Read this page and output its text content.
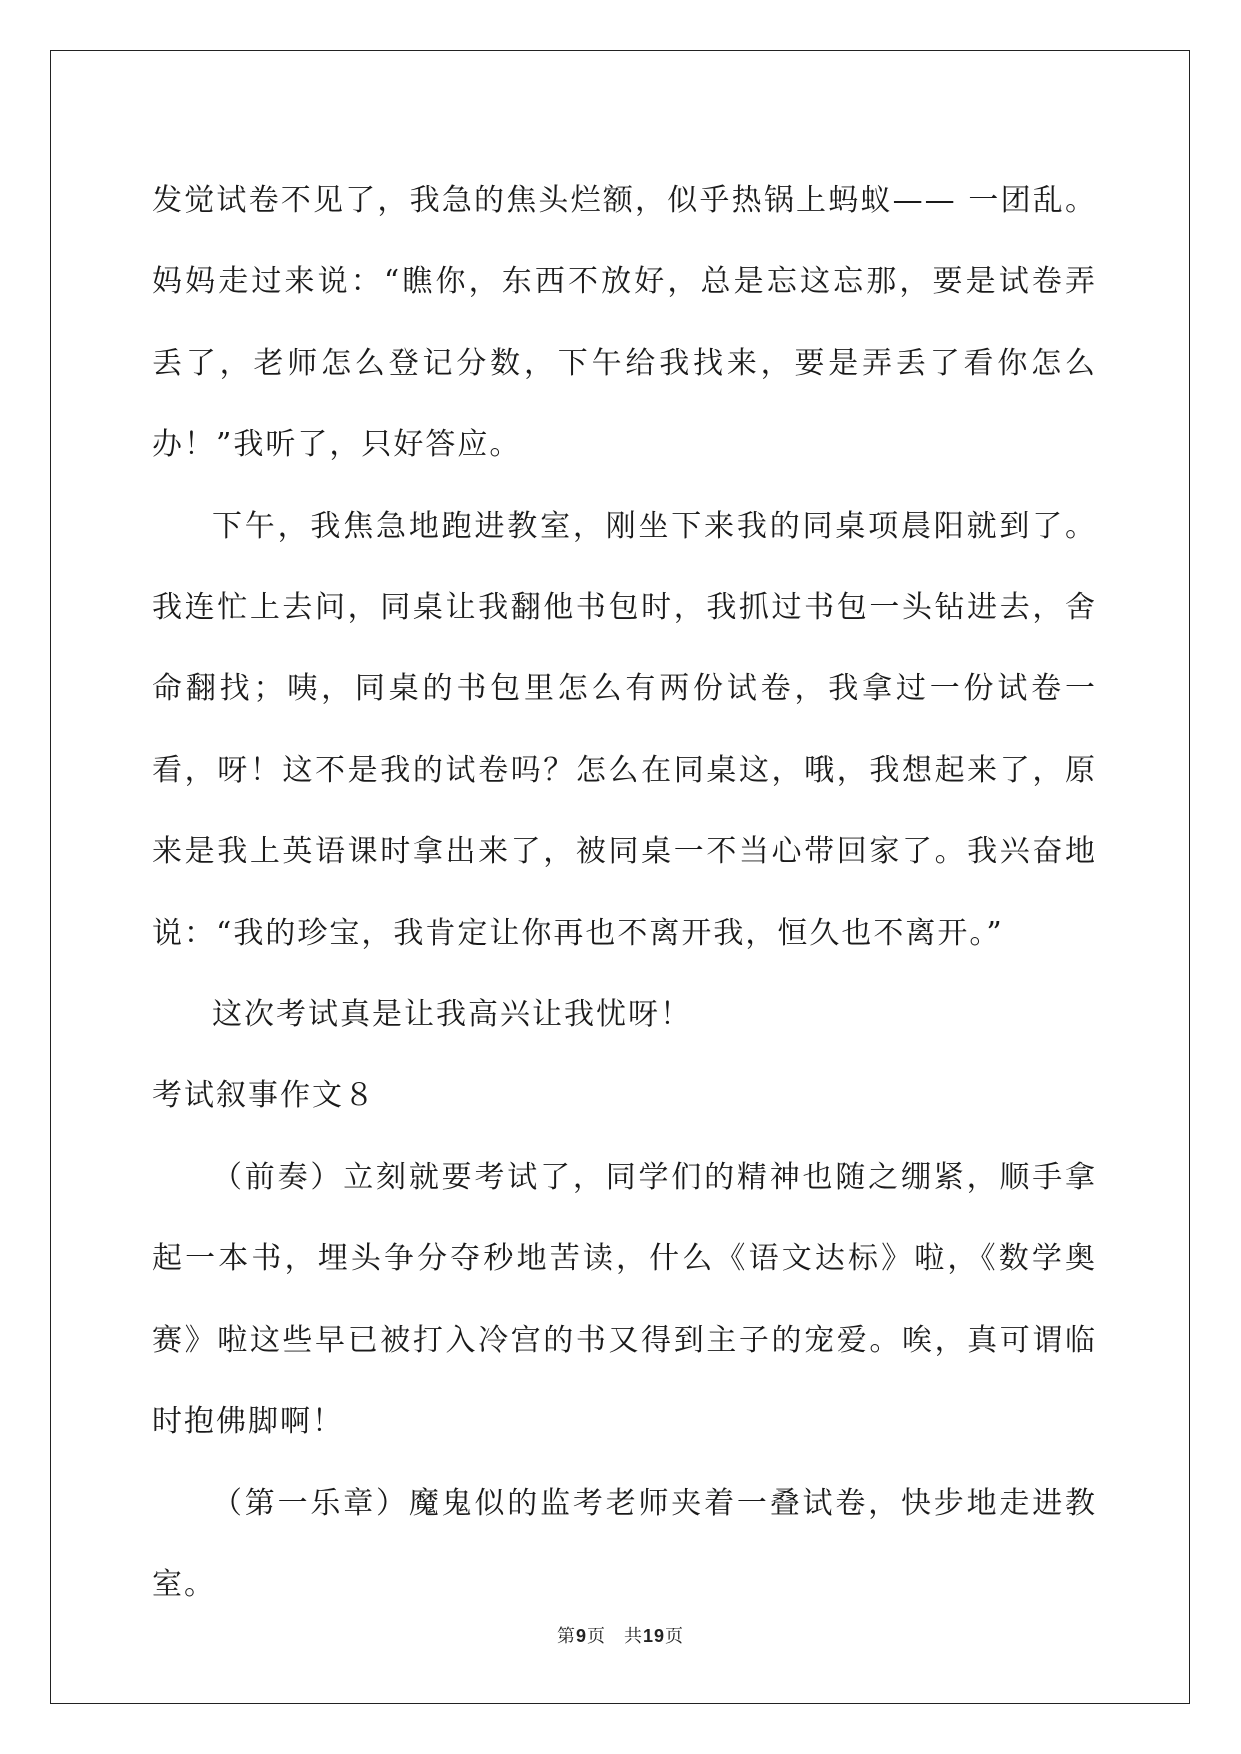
发觉试卷不见了，我急的焦头烂额，似乎热锅上蚂蚁—— 一团乱。妈妈走过来说：“瞧你，东西不放好，总是忘这忘那，要是试卷弄丢了，老师怎么登记分数，下午给我找来，要是弄丢了看你怎么办！”我听了，只好答应。

下午，我焦急地跑进教室，刚坐下来我的同桌项晨阳就到了。我连忙上去问，同桌让我翻他书包时，我抓过书包一头钻进去，舍命翻找；咦，同桌的书包里怎么有两份试卷，我拿过一份试卷一看，呀！这不是我的试卷吗？怎么在同桌这，哦，我想起来了，原来是我上英语课时拿出来了，被同桌一不当心带回家了。我兴奋地说：“我的珍宝，我肯定让你再也不离开我，恒久也不离开。”

这次考试真是让我高兴让我忧呀！

考试叙事作文８

（前奏）立刻就要考试了，同学们的精神也随之绷紧，顺手拿起一本书，埋头争分夺秒地苦读，什么《语文达标》啦，《数学奥赛》啦这些早已被打入冷宫的书又得到主子的宠爱。唉，真可谓临时抱佛脚啊！

（第一乐章）魔鬼似的监考老师夹着一叠试卷，快步地走进教室。

第9页 共19页
